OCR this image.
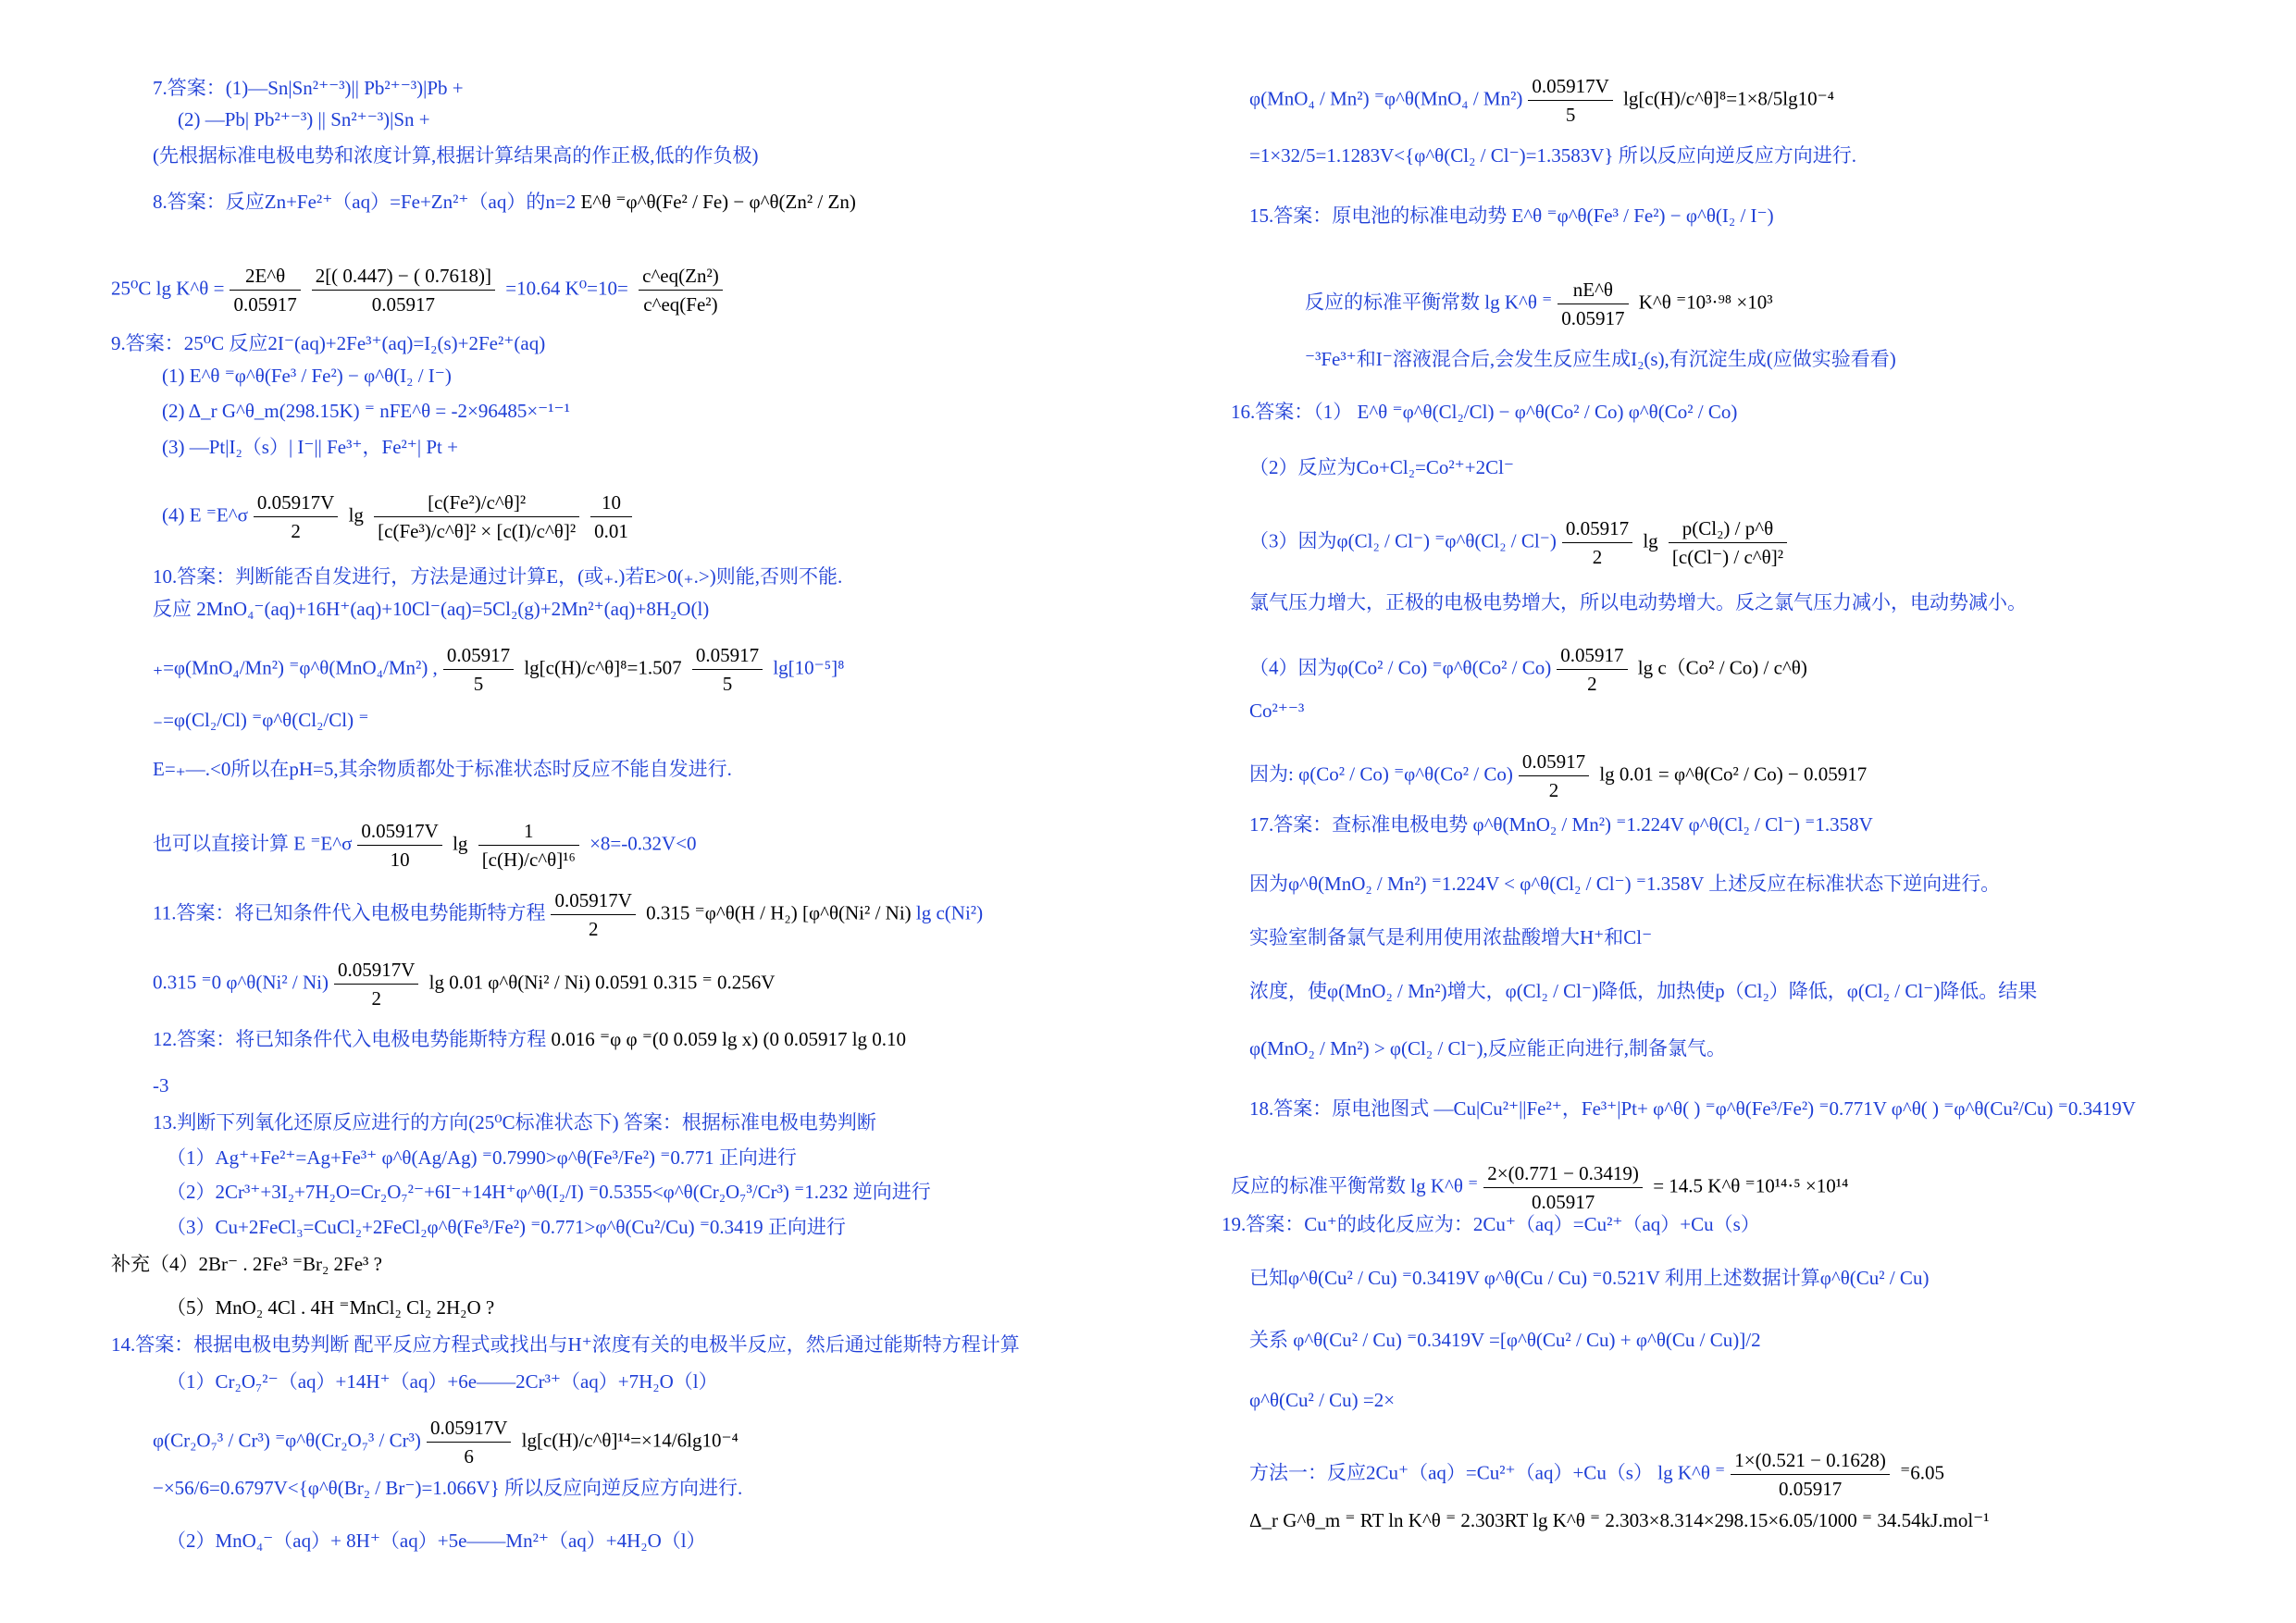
7.答案：(1)—Sn|Sn²⁺⁻³)|| Pb²⁺⁻³)|Pb +
(2) —Pb| Pb²⁺⁻³) || Sn²⁺⁻³)|Sn +
(先根据标准电极电势和浓度计算,根据计算结果高的作正极,低的作负极)
8.答案：反应Zn+Fe²⁺（aq）=Fe+Zn²⁺（aq）的n=2 E^θ ⁼φ^θ(Fe² / Fe) − φ^θ(Zn² / Zn)
25⁰C lg K^θ = $\frac{2E\^{}\theta}{0.05917} \frac{2[( 0.447) - ( 0.7618)]}{0.05917} =10.64$ $K^0=10= \frac{\text{c\textasciicircum{}eq(Zn²)}}{\text{c\textasciicircum{}eq(Fe²)}}$
9.答案：25⁰C 反应2I⁻(aq)+2Fe³⁺(aq)=I₂(s)+2Fe²⁺(aq)
(1) E^θ ⁼φ^θ(Fe³ / Fe²) − φ^θ(I₂ / I⁻)
(2) Δ_r G^θ_m(298.15K) ⁼ nFE^θ = -2×96485×⁻¹⁻¹
(3) —Pt|I₂（s）| I⁻|| Fe³⁺，Fe²⁺| Pt +
(4) E ⁼E^σ $\frac{0.05917V}{2}$ $\lg \frac{\text{[c(Fe²)/c\textasciicircum{}θ]²}}{\text{[c(Fe³)/c\textasciicircum{}θ]² × [c(I)/c\textasciicircum{}θ]²}} \frac{10}{0.01}$
10.答案：判断能否自发进行，方法是通过计算E，(或₊.)若E>0(₊.>)则能,否则不能.
反应 2MnO₄⁻(aq)+16H⁺(aq)+10Cl⁻(aq)=5Cl₂(g)+2Mn²⁺(aq)+8H₂O(l)
₊=φ(MnO₄/Mn²) ⁼φ^θ(MnO₄/Mn²) , $\frac{0.05917}{5}$ lg[c(H)/c^θ]⁸=1.507 $\frac{0.05917}{5} \lg[10^{-5}]^8$
₋=φ(Cl₂/Cl) ⁼φ^θ(Cl₂/Cl) ⁼
E=₊—.<0所以在pH=5,其余物质都处于标准状态时反应不能自发进行.
也可以直接计算 E ⁼E^σ $\frac{0.05917V}{10}$ $\lg \frac{1}{\text{[c(H)/c\textasciicircum{}θ]¹⁶}} \times 8=-0.32V<0$
11.答案：将已知条件代入电极电势能斯特方程 $\frac{0.05917V}{2} 0.315$ ⁼φ^θ(H / H₂) [φ^θ(Ni² / Ni) lg c(Ni²)
0.315 ⁼0 φ^θ(Ni² / $Ni) \frac{0.05917V}{2}$ lg 0.01 φ^θ(Ni² / Ni) 0.0591 0.315 ⁼ 0.256V
12.答案：将已知条件代入电极电势能斯特方程 0.016 ⁼φ φ ⁼(0 0.059 lg x) (0 0.05917 lg 0.10
-3
13.判断下列氧化还原反应进行的方向(25⁰C标准状态下) 答案：根据标准电极电势判断
（1）Ag⁺+Fe²⁺=Ag+Fe³⁺ φ^θ(Ag/Ag) ⁼0.7990>φ^θ(Fe³/Fe²) ⁼0.771 正向进行
（2）2Cr³⁺+3I₂+7H₂O=Cr₂O₇²⁻+6I⁻+14H⁺φ^θ(I₂/I) ⁼0.5355<φ^θ(Cr₂O₇³/Cr³) ⁼1.232 逆向进行
（3）Cu+2FeCl₃=CuCl₂+2FeCl₂φ^θ(Fe³/Fe²) ⁼0.771>φ^θ(Cu²/Cu) ⁼0.3419 正向进行
补充（4）2Br⁻ . 2Fe³ ⁼Br₂ 2Fe³ ?
（5）MnO₂ 4Cl . 4H ⁼MnCl₂ Cl₂ 2H₂O ?
14.答案：根据电极电势判断 配平反应方程式或找出与H⁺浓度有关的电极半反应，然后通过能斯特方程计算
（1）Cr₂O₇²⁻（aq）+14H⁺（aq）+6e——2Cr³⁺（aq）+7H₂O（l）
φ(Cr₂O₇³ / Cr³) ⁼φ^θ(Cr₂O₇³ / $Cr^3) \frac{0.05917V}{6}$ lg[c(H)/c^θ]¹⁴=×14/6lg10⁻⁴
−×56/6=0.6797V<{φ^θ(Br₂ / Br⁻)=1.066V} 所以反应向逆反应方向进行.
（2）MnO₄⁻（aq）+ 8H⁺（aq）+5e——Mn²⁺（aq）+4H₂O（l）
φ(MnO₄ / Mn²) ⁼φ^θ(MnO₄ / $Mn^2) \frac{0.05917V}{5}$ lg[c(H)/c^θ]⁸=1×8/5lg10⁻⁴
=1×32/5=1.1283V<{φ^θ(Cl₂ / Cl⁻)=1.3583V} 所以反应向逆反应方向进行.
15.答案：原电池的标准电动势 E^θ ⁼φ^θ(Fe³ / Fe²) − φ^θ(I₂ / I⁻)
反应的标准平衡常数 lg K^θ ⁼ $\frac{nE\^{}\theta}{0.05917}$ K^θ ⁼10³·⁹⁸ ×10³
⁻³Fe³⁺和I⁻溶液混合后,会发生反应生成I₂(s),有沉淀生成(应做实验看看)
16.答案：（1） E^θ ⁼φ^θ(Cl₂/Cl) − φ^θ(Co² / Co) φ^θ(Co² / Co)
（2）反应为Co+Cl₂=Co²⁺+2Cl⁻
（3）因为φ(Cl₂ / Cl⁻) ⁼φ^θ(Cl₂ / $Cl^-) \frac{0.05917}{2}$ $\lg \frac{\text{p(Cl₂) / p\textasciicircum{}θ}}{\text{[c(Cl⁻) / c\textasciicircum{}θ]²}}$
氯气压力增大，正极的电极电势增大，所以电动势增大。反之氯气压力减小，电动势减小。
（4）因为φ(Co² / Co) ⁼φ^θ(Co² / $Co) \frac{0.05917}{2}$ lg c（Co² / Co) / c^θ)
Co²⁺⁻³
因为: φ(Co² / Co) ⁼φ^θ(Co² / $Co) \frac{0.05917}{2}$ lg 0.01 = φ^θ(Co² / Co) − 0.05917
17.答案：查标准电极电势 φ^θ(MnO₂ / Mn²) ⁼1.224V φ^θ(Cl₂ / Cl⁻) ⁼1.358V
因为φ^θ(MnO₂ / Mn²) ⁼1.224V < φ^θ(Cl₂ / Cl⁻) ⁼1.358V 上述反应在标准状态下逆向进行。
实验室制备氯气是利用使用浓盐酸增大H⁺和Cl⁻
浓度，使φ(MnO₂ / Mn²)增大，φ(Cl₂ / Cl⁻)降低，加热使p（Cl₂）降低，φ(Cl₂ / Cl⁻)降低。结果
φ(MnO₂ / Mn²) > φ(Cl₂ / Cl⁻),反应能正向进行,制备氯气。
18.答案：原电池图式 —Cu|Cu²⁺||Fe²⁺，Fe³⁺|Pt+ φ^θ( ) ⁼φ^θ(Fe³/Fe²) ⁼0.771V φ^θ( ) ⁼φ^θ(Cu²/Cu) ⁼0.3419V
反应的标准平衡常数 lg K^θ ⁼ $\frac{2\times(0.771 - 0.3419)}{0.05917} = 14.5$ K^θ ⁼10¹⁴·⁵ ×10¹⁴
19.答案：Cu⁺的歧化反应为：2Cu⁺（aq）=Cu²⁺（aq）+Cu（s）
已知φ^θ(Cu² / Cu) ⁼0.3419V φ^θ(Cu / Cu) ⁼0.521V 利用上述数据计算φ^θ(Cu² / Cu)
关系 φ^θ(Cu² / Cu) ⁼0.3419V =[φ^θ(Cu² / Cu) + φ^θ(Cu / Cu)]/2
φ^θ(Cu² / Cu) =2×
方法一：反应2Cu⁺（aq）=Cu²⁺（aq）+Cu（s） lg K^θ ⁼ $\frac{1\times(0.521 - 0.1628)}{0.05917} ^=6.05$
Δ_r G^θ_m ⁼ RT ln K^θ ⁼ 2.303RT lg K^θ ⁼ 2.303×8.314×298.15×6.05/1000 ⁼ 34.54kJ.mol⁻¹
